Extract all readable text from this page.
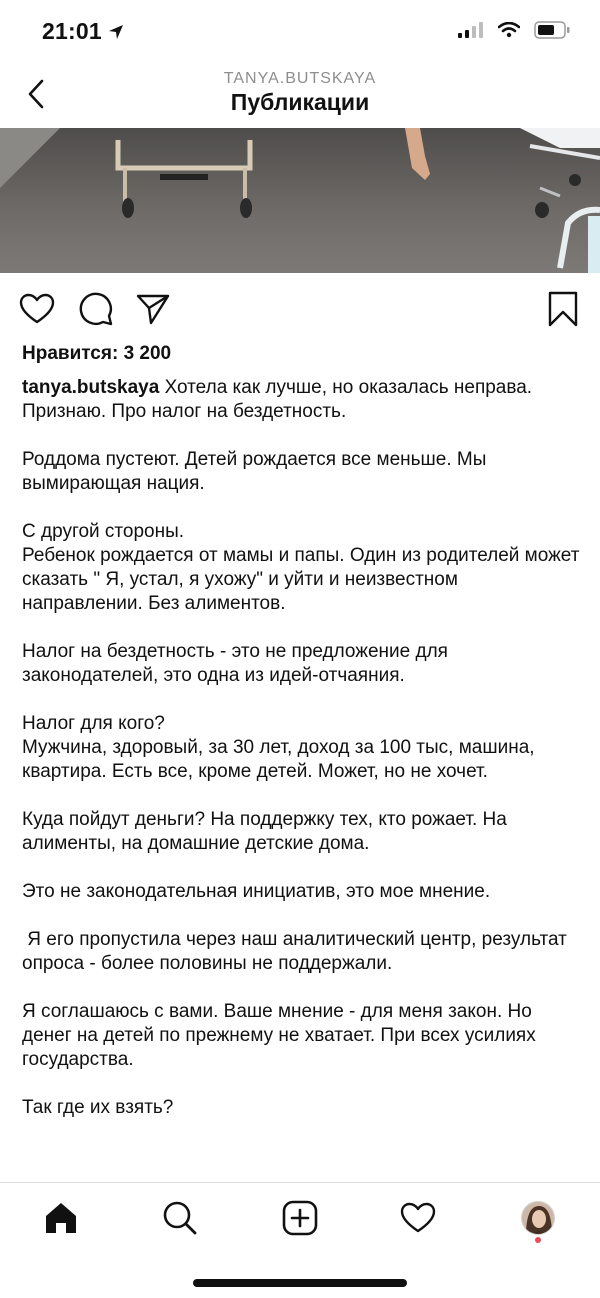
21:01
TANYA.BUTSKAYA
Публикации
Нравится: 3 200

tanya.butskaya Хотела как лучше, но оказалась неправа.  Признаю. Про налог на бездетность.

Роддома пустеют. Детей рождается все меньше. Мы вымирающая нация.

С другой стороны.

Ребенок рождается от мамы и папы. Один из родителей может сказать " Я, устал, я ухожу" и уйти и неизвестном направлении. Без алиментов.

Налог на бездетность - это не предложение для законодателей, это одна из идей-отчаяния.

Налог для кого?

Мужчина, здоровый, за 30 лет, доход за 100 тыс, машина, квартира. Есть все, кроме детей. Может, но не хочет.

Куда пойдут деньги? На поддержку тех, кто рожает. На алименты, на домашние детские дома.

Это не законодательная инициатив, это мое мнение.

Я его пропустила через наш аналитический центр, результат опроса - более половины не поддержали.

Я соглашаюсь с вами. Ваше мнение - для меня закон. Но денег на детей по прежнему не хватает. При всех усилиях государства.

Так где их взять?
